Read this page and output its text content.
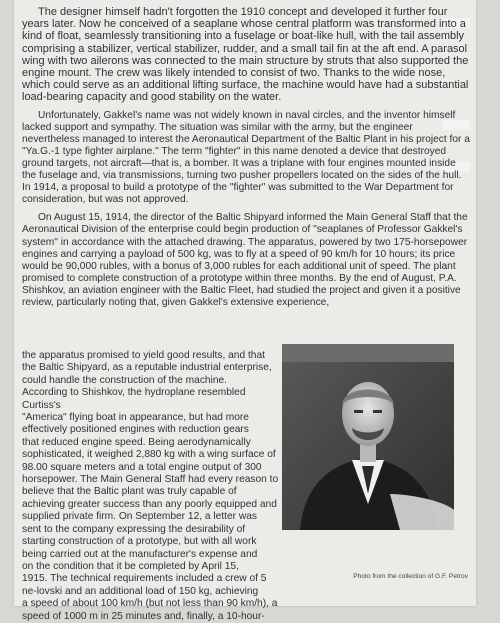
The designer himself hadn't forgotten the 1910 concept and developed it further four years later. Now he conceived of a seaplane whose central platform was transformed into a kind of float, seamlessly transitioning into a fuselage or boat-like hull, with the tail assembly comprising a stabilizer, vertical stabilizer, rudder, and a small tail fin at the aft end. A parasol wing with two ailerons was connected to the main structure by struts that also supported the engine mount. The crew was likely intended to consist of two. Thanks to the wide nose, which could serve as an additional lifting surface, the machine would have had a substantial load-bearing capacity and good stability on the water.

Unfortunately, Gakkel's name was not widely known in naval circles, and the inventor himself lacked support and sympathy. The situation was similar with the army, but the engineer nevertheless managed to interest the Aeronautical Department of the Baltic Plant in his project for a "Ya.G.-1 type fighter airplane." The term "fighter" in this name denoted a device that destroyed ground targets, not aircraft—that is, a bomber. It was a triplane with four engines mounted inside the fuselage and, via transmissions, turning two pusher propellers located on the sides of the hull. In 1914, a proposal to build a prototype of the "fighter" was submitted to the War Department for consideration, but was not approved.

On August 15, 1914, the director of the Baltic Shipyard informed the Main General Staff that the Aeronautical Division of the enterprise could begin production of "seaplanes of Professor Gakkel's system" in accordance with the attached drawing. The apparatus, powered by two 175-horsepower engines and carrying a payload of 500 kg, was to fly at a speed of 90 km/h for 10 hours; its price would be 90,000 rubles, with a bonus of 3,000 rubles for each additional unit of speed. The plant promised to complete construction of a prototype within three months. By the end of August, P.A. Shishkov, an aviation engineer with the Baltic Fleet, had studied the project and given it a positive review, particularly noting that, given Gakkel's extensive experience,

the apparatus promised to yield good results, and that

the Baltic Shipyard, as a reputable industrial enterprise,

could handle the construction of the machine.

According to Shishkov, the hydroplane resembled Curtiss's

"America" flying boat in appearance, but had more

effectively positioned engines with reduction gears

that reduced engine speed. Being aerodynamically

sophisticated, it weighed 2,880 kg with a wing surface of

98.00 square meters and a total engine output of 300

horsepower. The Main General Staff had every reason to

believe that the Baltic plant was truly capable of

achieving greater success than any poorly equipped and

supplied private firm. On September 12, a letter was

sent to the company expressing the desirability of

starting construction of a prototype, but with all work

being carried out at the manufacturer's expense and

on the condition that it be completed by April 15,

1915. The technical requirements included a crew of 5

ne-lovski and an additional load of 150 kg, achieving

a speed of about 100 km/h (but not less than 90 km/h), a

speed of 1000 m in 25 minutes and, finally, a 10-hour-

Photo from the collection of G.F. Petrov
